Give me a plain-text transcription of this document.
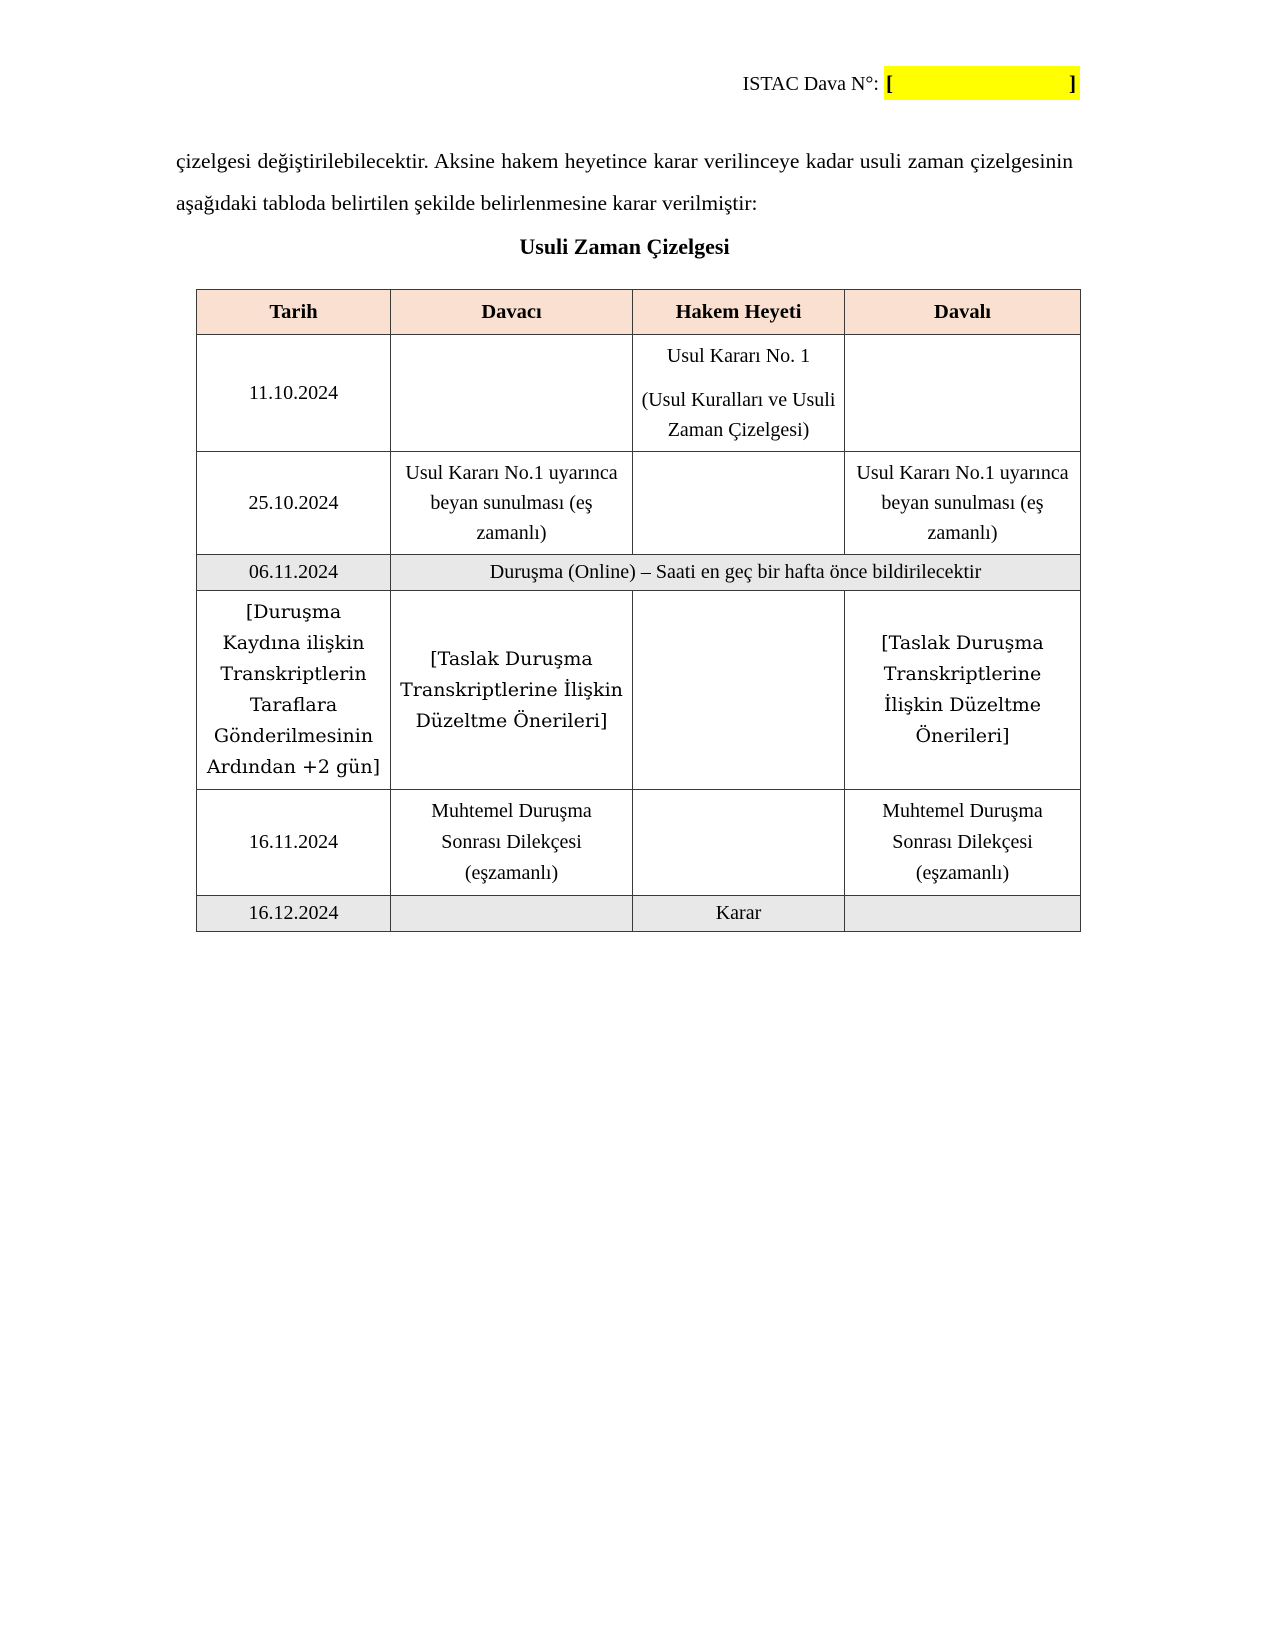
ISTAC Dava N°: [	]
çizelgesi değiştirilebilecektir. Aksine hakem heyetince karar verilinceye kadar usuli zaman çizelgesinin aşağıdaki tabloda belirtilen şekilde belirlenmesine karar verilmiştir:
Usuli Zaman Çizelgesi
Tarih	Davacı	Hakem Heyeti	Davalı
11.10.2024		Usul Kararı No. 1
(Usul Kuralları ve Usuli Zaman Çizelgesi)	

25.10.2024	Usul Kararı No.1 uyarınca beyan sunulması (eş zamanlı)		Usul Kararı No.1 uyarınca beyan sunulması (eş zamanlı)
06.11.2024	Duruşma (Online) – Saati en geç bir hafta önce bildirilecektir		
[Duruşma Kaydına ilişkin Transkriptlerin Taraflara Gönderilmesinin Ardından +2 gün]	[Taslak Duruşma Transkriptlerine İlişkin Düzeltme Önerileri]		[Taslak Duruşma Transkriptlerine İlişkin Düzeltme Önerileri]
16.11.2024	Muhtemel Duruşma Sonrası Dilekçesi (eşzamanlı)		Muhtemel Duruşma Sonrası Dilekçesi (eşzamanlı)
16.12.2024		Karar	
